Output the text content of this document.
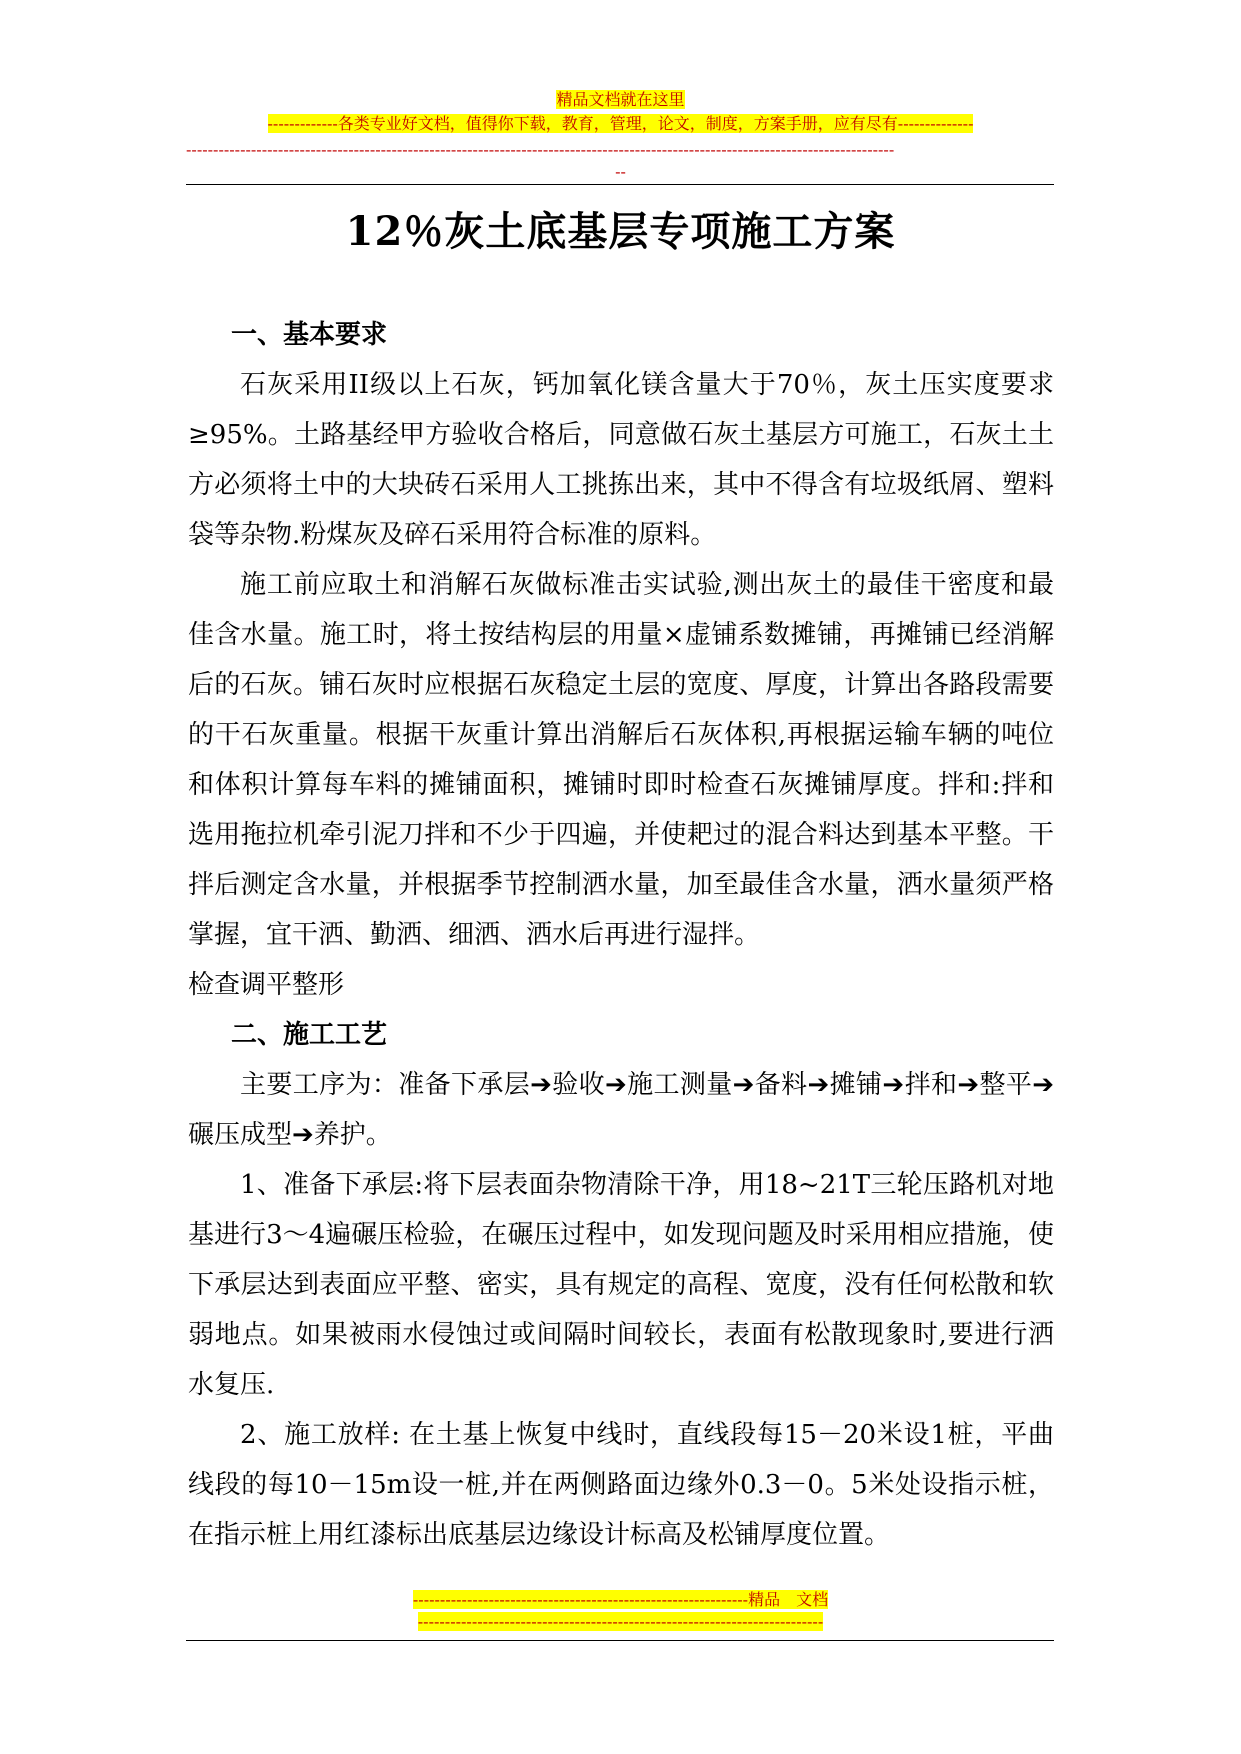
精品文档就在这里
-------------各类专业好文档，值得你下载，教育，管理，论文，制度，方案手册，应有尽有--------------
-----------------------------------------------------------------------------------------------------------------------------------
--
12％灰土底基层专项施工方案
一、基本要求

石灰采用II级以上石灰，钙加氧化镁含量大于70％，灰土压实度要求≥95%。土路基经甲方验收合格后，同意做石灰土基层方可施工，石灰土土方必须将土中的大块砖石采用人工挑拣出来，其中不得含有垃圾纸屑、塑料袋等杂物.粉煤灰及碎石采用符合标准的原料。

施工前应取土和消解石灰做标准击实试验,测出灰土的最佳干密度和最佳含水量。施工时，将土按结构层的用量×虚铺系数摊铺，再摊铺已经消解后的石灰。铺石灰时应根据石灰稳定土层的宽度、厚度，计算出各路段需要的干石灰重量。根据干灰重计算出消解后石灰体积,再根据运输车辆的吨位和体积计算每车料的摊铺面积，摊铺时即时检查石灰摊铺厚度。拌和:拌和选用拖拉机牵引泥刀拌和不少于四遍，并使耙过的混合料达到基本平整。干拌后测定含水量，并根据季节控制洒水量，加至最佳含水量，洒水量须严格掌握，宜干洒、勤洒、细洒、洒水后再进行湿拌。

检查调平整形

二、施工工艺

主要工序为：准备下承层➔验收➔施工测量➔备料➔摊铺➔拌和➔整平➔碾压成型➔养护。

1、准备下承层:将下层表面杂物清除干净，用18~21T三轮压路机对地基进行3～4遍碾压检验，在碾压过程中，如发现问题及时采用相应措施，使下承层达到表面应平整、密实，具有规定的高程、宽度，没有任何松散和软弱地点。如果被雨水侵蚀过或间隔时间较长，表面有松散现象时,要进行洒水复压.

2、施工放样: 在土基上恢复中线时，直线段每15－20米设1桩，平曲线段的每10－15m设一桩,并在两侧路面边缘外0.3－0。5米处设指示桩，在指示桩上用红漆标出底基层边缘设计标高及松铺厚度位置。

--------------------------------------------------------------精品　文档
---------------------------------------------------------------------------
